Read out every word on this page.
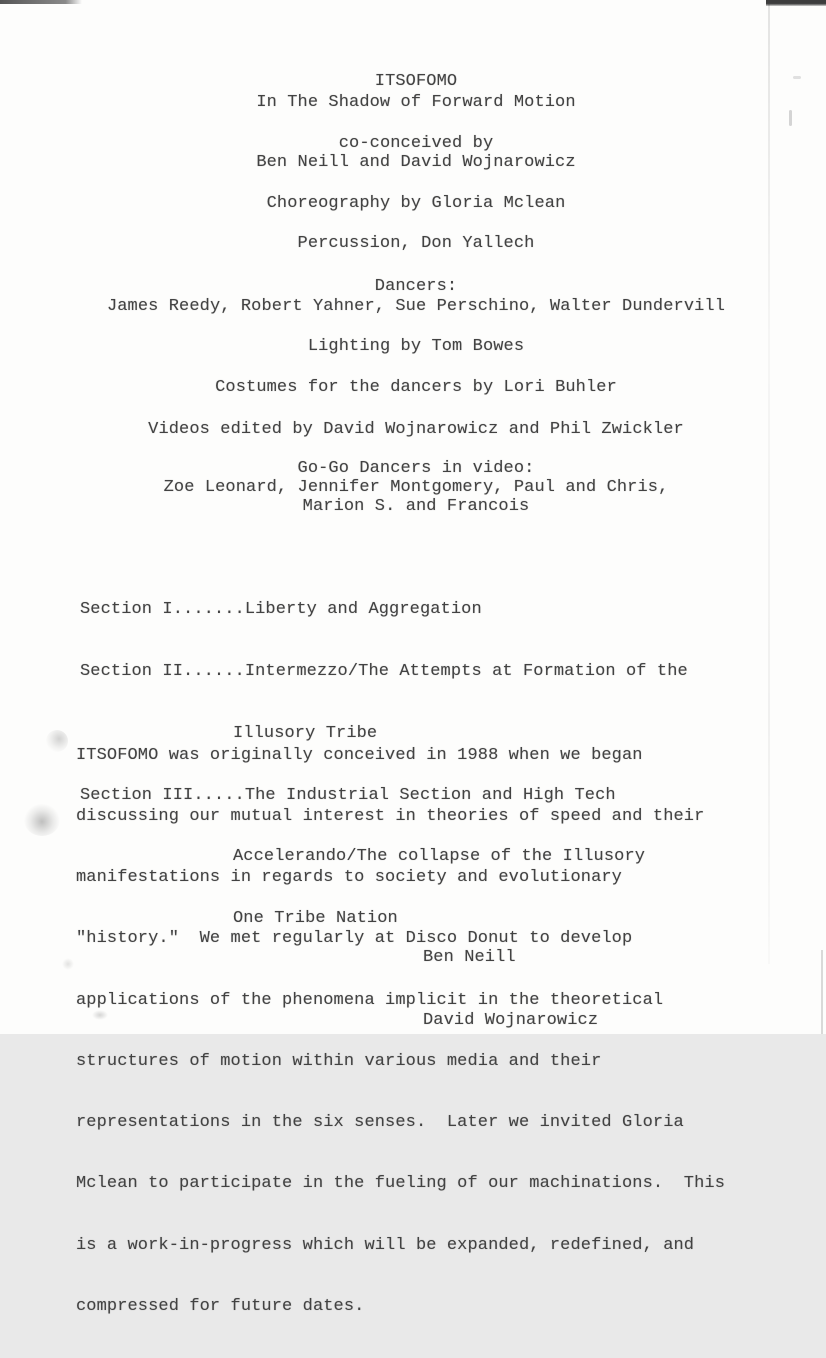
ITSOFOMO
In The Shadow of Forward Motion
co-conceived by
Ben Neill and David Wojnarowicz
Choreography by Gloria Mclean
Percussion, Don Yallech
Dancers:
James Reedy, Robert Yahner, Sue Perschino, Walter Dundervill
Lighting by Tom Bowes
Costumes for the dancers by Lori Buhler
Videos edited by David Wojnarowicz and Phil Zwickler
Go-Go Dancers in video:
Zoe Leonard, Jennifer Montgomery, Paul and Chris,
Marion S. and Francois

Section I.......Liberty and Aggregation

Section II......Intermezzo/The Attempts at Formation of the

Illusory Tribe

Section III.....The Industrial Section and High Tech

Accelerando/The collapse of the Illusory

One Tribe Nation

ITSOFOMO was originally conceived in 1988 when we began

discussing our mutual interest in theories of speed and their

manifestations in regards to society and evolutionary

"history."  We met regularly at Disco Donut to develop

applications of the phenomena implicit in the theoretical

structures of motion within various media and their

representations in the six senses.  Later we invited Gloria

Mclean to participate in the fueling of our machinations.  This

is a work-in-progress which will be expanded, redefined, and

compressed for future dates.

Ben Neill

David Wojnarowicz
